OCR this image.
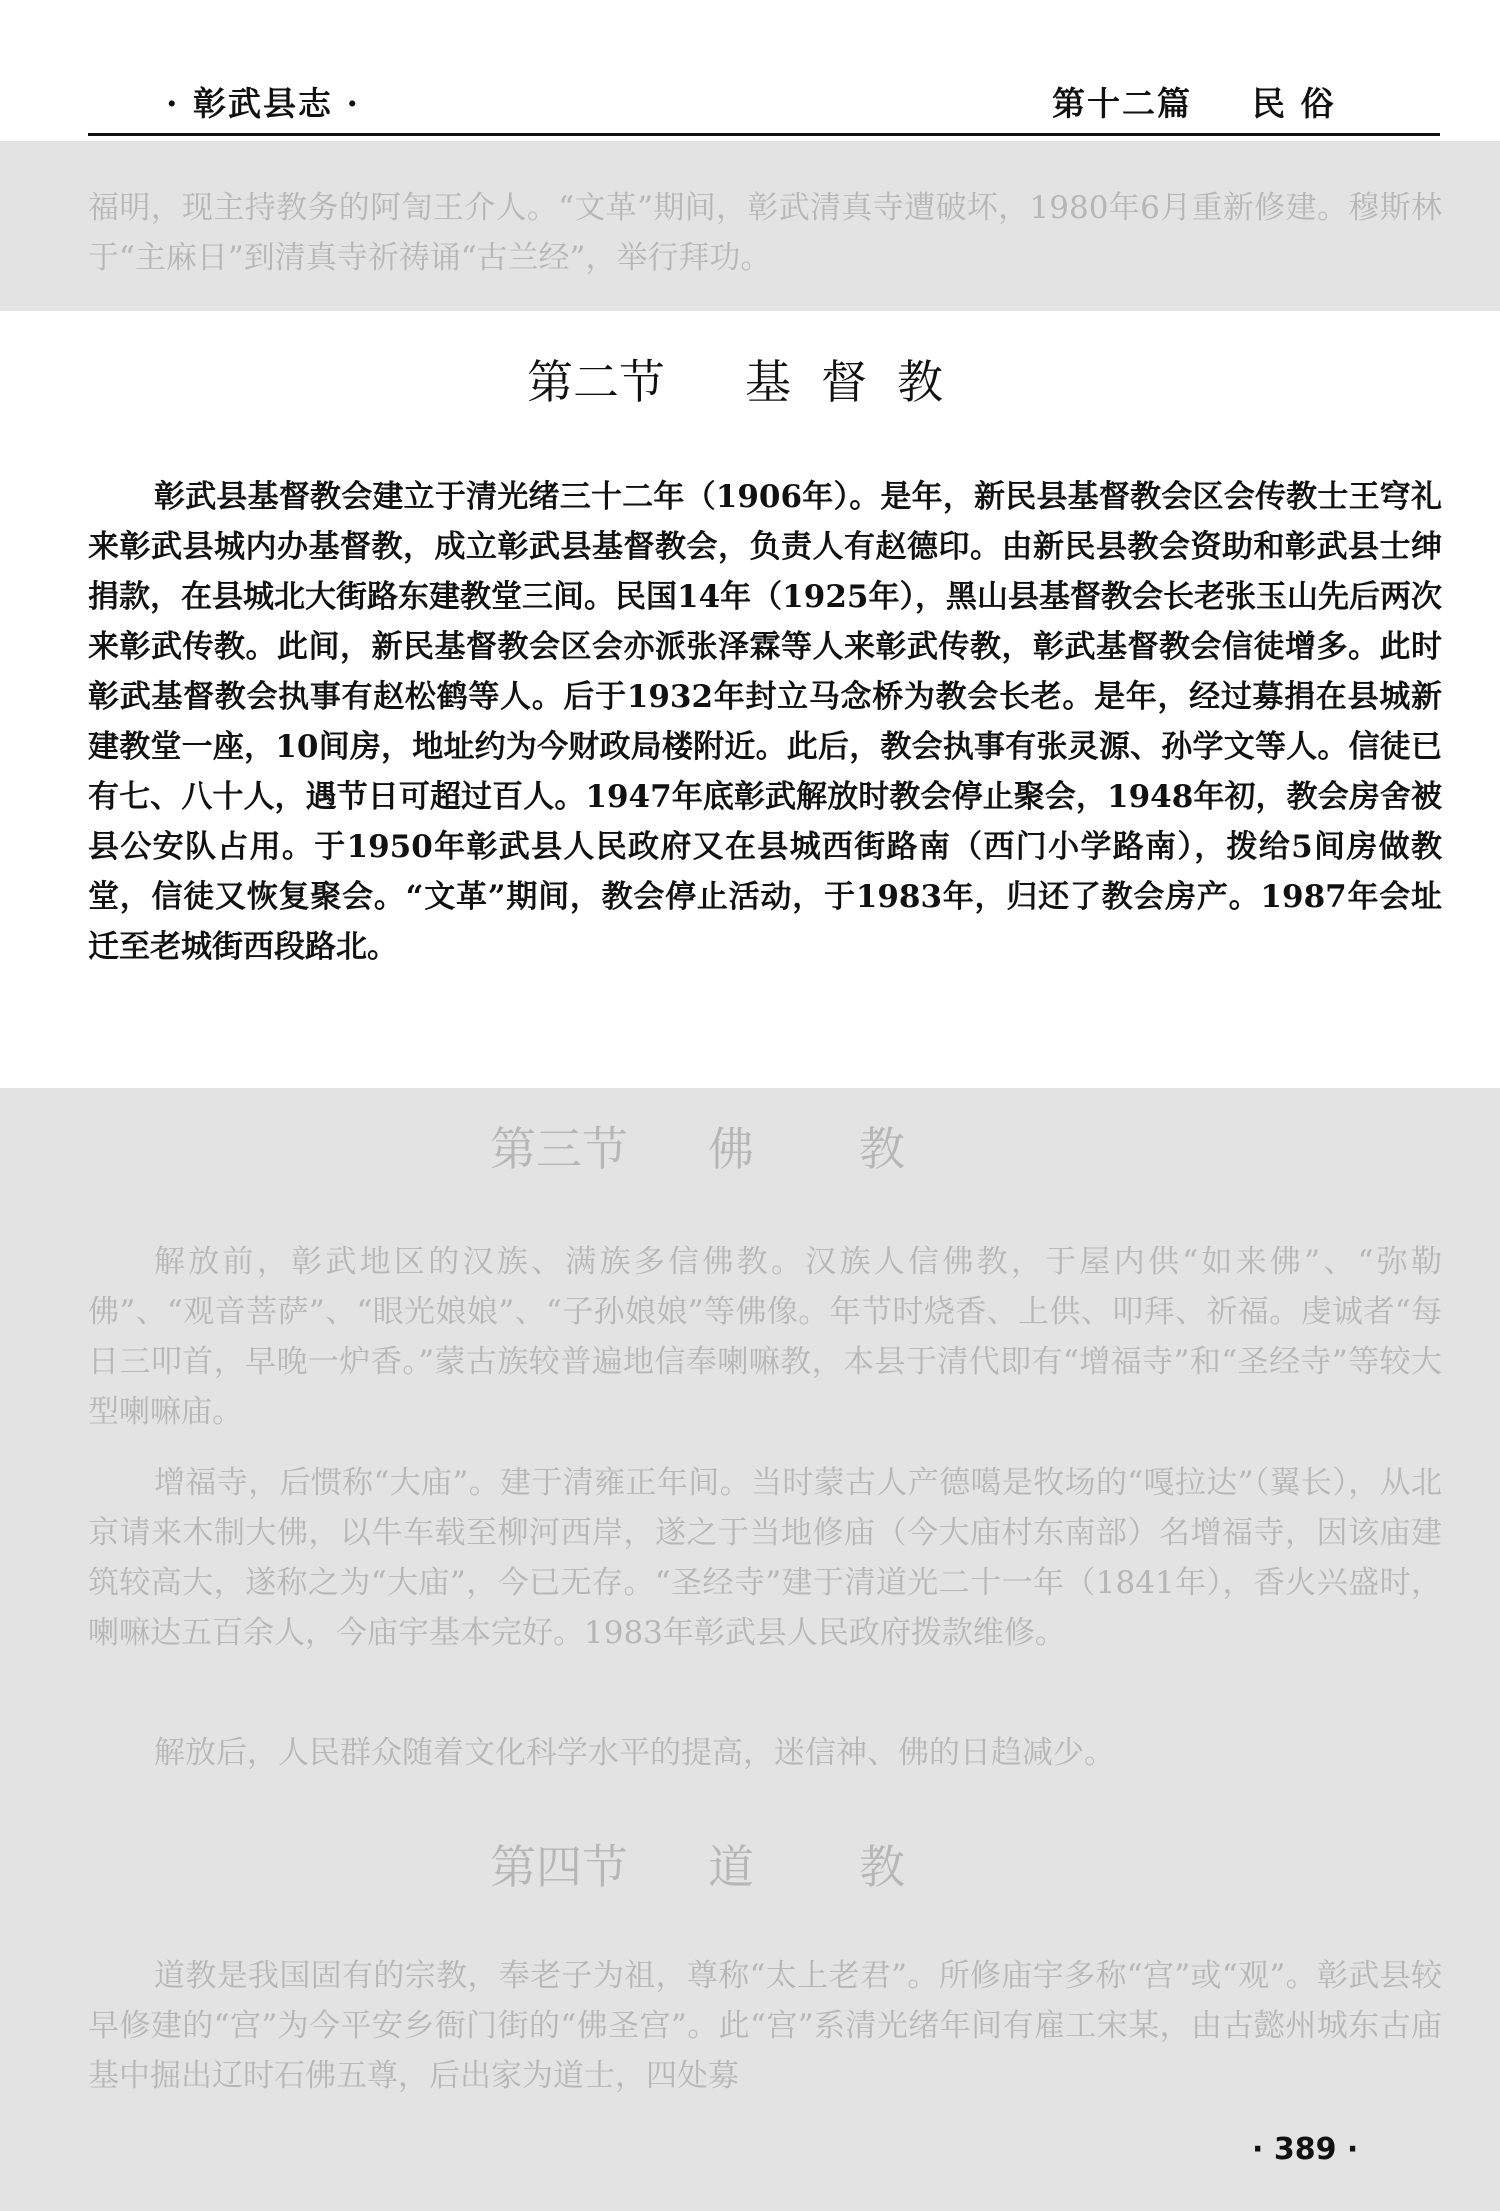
· 彰武县志 ·	第十二篇 民 俗

福明，现主持教务的阿訇王介人。“文革”期间，彰武清真寺遭破坏，1980年6月重新修建。穆斯林于“主麻日”到清真寺祈祷诵“古兰经”，举行拜功。

第二节 基督教

彰武县基督教会建立于清光绪三十二年（1906年）。是年，新民县基督教会区会传教士王穹礼来彰武县城内办基督教，成立彰武县基督教会，负责人有赵德印。由新民县教会资助和彰武县士绅捐款，在县城北大街路东建教堂三间。民国14年（1925年），黑山县基督教会长老张玉山先后两次来彰武传教。此间，新民基督教会区会亦派张泽霖等人来彰武传教，彰武基督教会信徒增多。此时彰武基督教会执事有赵松鹤等人。后于1932年封立马念桥为教会长老。是年，经过募捐在县城新建教堂一座，10间房，地址约为今财政局楼附近。此后，教会执事有张灵源、孙学文等人。信徒已有七、八十人，遇节日可超过百人。1947年底彰武解放时教会停止聚会，1948年初，教会房舍被县公安队占用。于1950年彰武县人民政府又在县城西街路南（西门小学路南），拨给5间房做教堂，信徒又恢复聚会。“文革”期间，教会停止活动，于1983年，归还了教会房产。1987年会址迁至老城街西段路北。

第三节 佛教

解放前，彰武地区的汉族、满族多信佛教。汉族人信佛教，于屋内供“如来佛”、“弥勒佛”、“观音菩萨”、“眼光娘娘”、“子孙娘娘”等佛像。年节时烧香、上供、叩拜、祈福。虔诚者“每日三叩首，早晚一炉香。”蒙古族较普遍地信奉喇嘛教，本县于清代即有“增福寺”和“圣经寺”等较大型喇嘛庙。

增福寺，后惯称“大庙”。建于清雍正年间。当时蒙古人产德噶是牧场的“嘎拉达”（翼长），从北京请来木制大佛，以牛车载至柳河西岸，遂之于当地修庙（今大庙村东南部）名增福寺，因该庙建筑较高大，遂称之为“大庙”，今已无存。“圣经寺”建于清道光二十一年（1841年），香火兴盛时，喇嘛达五百余人，今庙宇基本完好。1983年彰武县人民政府拨款维修。

解放后，人民群众随着文化科学水平的提高，迷信神、佛的日趋减少。

第四节 道教

道教是我国固有的宗教，奉老子为祖，尊称“太上老君”。所修庙宇多称“宫”或“观”。彰武县较早修建的“宫”为今平安乡衙门街的“佛圣宫”。此“宫”系清光绪年间有雇工宋某，由古懿州城东古庙基中掘出辽时石佛五尊，后出家为道士，四处募

· 389 ·
